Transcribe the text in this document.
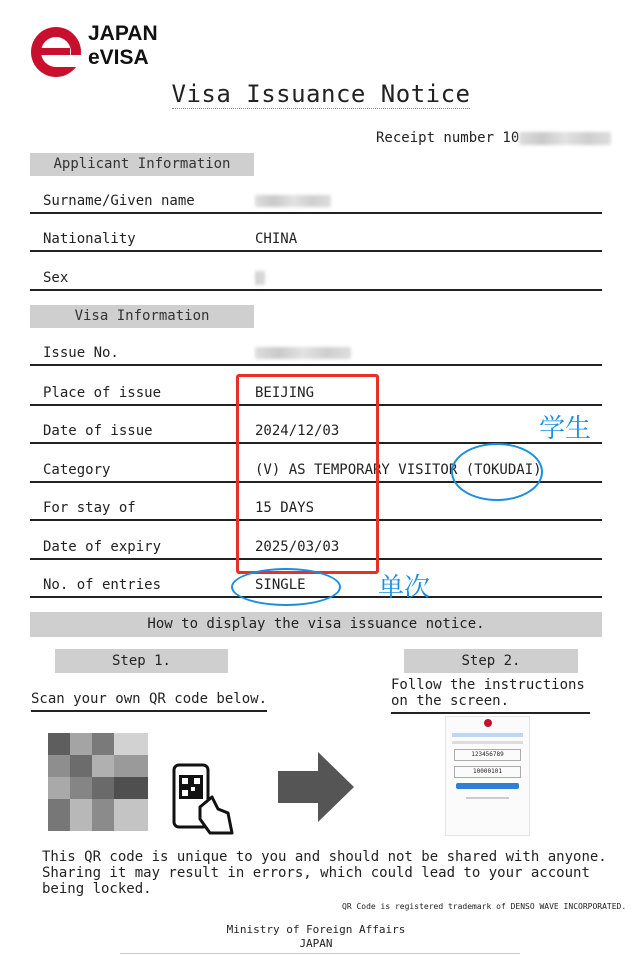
JAPAN
eVISA
Visa Issuance Notice
Receipt number 10
Applicant Information
Surname/Given name
Nationality	CHINA
Sex
Visa Information
Issue No.
Place of issue	BEIJING
Date of issue	2024/12/03
Category	(V) AS TEMPORARY VISITOR (TOKUDAI)
For stay of	15 DAYS
Date of expiry	2025/03/03
No. of entries	SINGLE
学生
单次
How to display the visa issuance notice.
Step 1.
Scan your own QR code below.
Step 2.
Follow the instructions
on the screen.
123456789
10000101
This QR code is unique to you and should not be shared with anyone.
Sharing it may result in errors, which could lead to your account
being locked.
QR Code is registered trademark of DENSO WAVE INCORPORATED.
Ministry of Foreign Affairs
JAPAN
